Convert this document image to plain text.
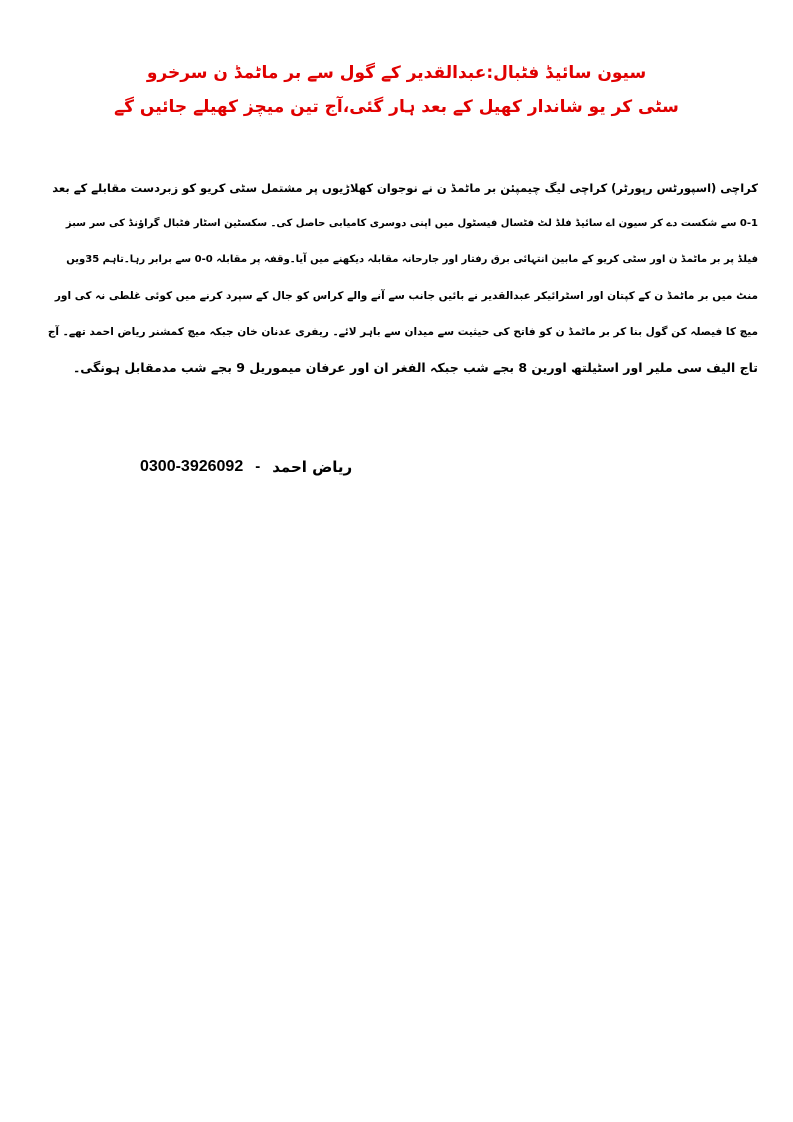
سیون سائیڈ فٹبال:عبدالقدیر کے گول سے بر ماٹمڈ ن سرخرو
سٹی کر یو شاندار کھیل کے بعد ہار گئی،آج تین میچز کھیلے جائیں گے
کراچی (اسپورٹس رپورٹر) کراچی لیگ چیمپئن بر ماٹمڈ ن نے نوجوان کھلاڑیوں پر مشتمل سٹی کریو کو زبردست مقابلے کے بعد
0-1 سے شکست دے کر سیون اے سائیڈ فلڈ لٹ فٹسال فیسٹول میں اپنی دوسری کامیابی حاصل کی۔ سکسٹین اسٹار فٹبال گراؤنڈ کی سر سبز
فیلڈ پر بر ماٹمڈ ن اور سٹی کریو کے مابین انتہائی برق رفتار اور جارحانہ مقابلہ دیکھنے میں آیا۔وقفہ پر مقابلہ 0-0 سے برابر رہا۔تاہم 35ویں
منٹ میں بر ماٹمڈ ن کے کپتان اور اسٹرائیکر عبدالقدیر نے بائیں جانب سے آنے والے کراس کو جال کے سپرد کرنے میں کوئی غلطی نہ کی اور
میچ کا فیصلہ کن گول بنا کر بر ماٹمڈ ن کو فاتح کی حیثیت سے میدان سے باہر لائے۔ ریفری عدنان خان جبکہ میچ کمشنر ریاض احمد تھے۔ آج
تاج الیف سی ملیر اور اسٹیلتھ اورین 8 بجے شب جبکہ الفغر ان اور عرفان میموریل 9 بجے شب مدمقابل ہونگی۔
0300-3926092 - ریاض احمد
